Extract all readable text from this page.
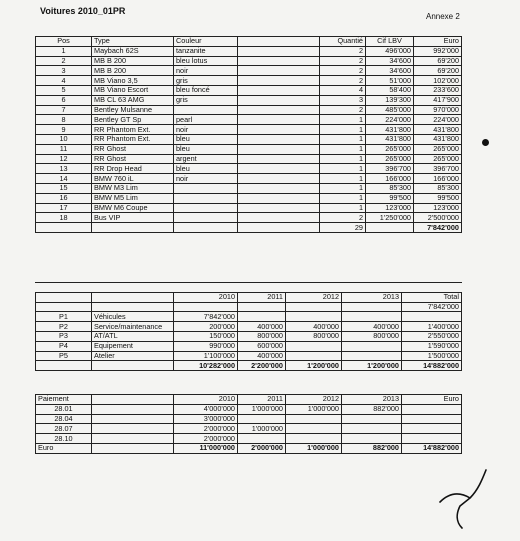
Voitures 2010_01PR
Annexe 2
Pos	Type	Couleur		Quantié	Cif LBV	Euro
1	Maybach 62S	tanzanite		2	496'000	992'000
2	MB B 200	bleu lotus		2	34'600	69'200
3	MB B 200	noir		2	34'600	69'200
4	MB Viano 3,5	gris		2	51'000	102'000
5	MB Viano Escort	bleu foncé		4	58'400	233'600
6	MB CL 63 AMG	gris		3	139'300	417'900
7	Bentley Mulsanne			2	485'000	970'000
8	Bentley GT Sp	pearl		1	224'000	224'000
9	RR Phantom Ext.	noir		1	431'800	431'800
10	RR Phantom Ext.	bleu		1	431'800	431'800
11	RR Ghost	bleu		1	265'000	265'000
12	RR Ghost	argent		1	265'000	265'000
13	RR Drop Head	bleu		1	396'700	396'700
14	BMW 760 iL	noir		1	166'000	166'000
15	BMW M3 Lim			1	85'300	85'300
16	BMW M5 Lim			1	99'500	99'500
17	BMW M6 Coupe			1	123'000	123'000
18	Bus VIP			2	1'250'000	2'500'000
				29		7'842'000

		2010	2011	2012	2013	Total
						7'842'000
P1	Véhicules	7'842'000				
P2	Service/maintenance	200'000	400'000	400'000	400'000	1'400'000
P3	AT/ATL	150'000	800'000	800'000	800'000	2'550'000
P4	Equipement	990'000	600'000			1'590'000
P5	Atelier	1'100'000	400'000			1'500'000
		10'282'000	2'200'000	1'200'000	1'200'000	14'882'000
Paiement		2010	2011	2012	2013	Euro
28.01		4'000'000	1'000'000	1'000'000	882'000	
28.04		3'000'000				
28.07		2'000'000	1'000'000			
28.10		2'000'000				
Euro		11'000'000	2'000'000	1'000'000	882'000	14'882'000
